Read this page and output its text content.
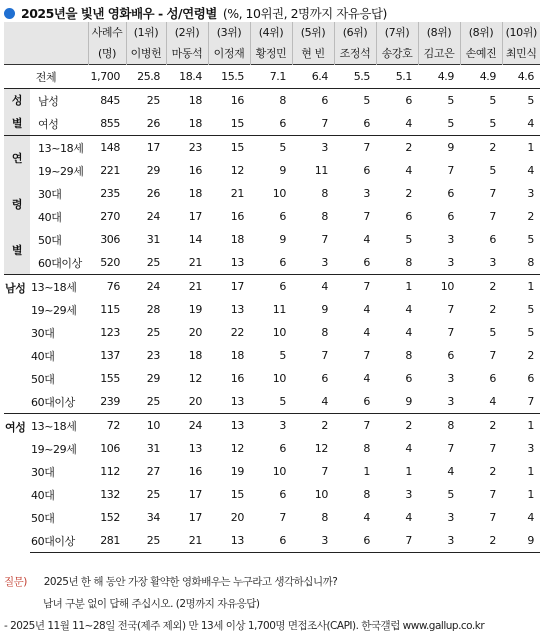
2025년을 빛낸 영화배우 - 성/연령별 (%, 10위권, 2명까지 자유응답)
		사례수	(1위)	(2위)	(3위)	(4위)	(5위)	(6위)	(7위)	(8위)	(8위)	(10위)
		(명)	이병헌	마동석	이정재	황정민	현 빈	조정석	송강호	김고은	손예진	최민식
전체		1,700	25.8	18.4	15.5	7.1	6.4	5.5	5.1	4.9	4.9	4.6
성 별	남성	845	25	18	16	8	6	5	6	5	5	5
	여성	855	26	18	15	6	7	6	4	5	5	4
연 령 별	13~18세	148	17	23	15	5	3	7	2	9	2	1
	19~29세	221	29	16	12	9	11	6	4	7	5	4
	30대	235	26	18	21	10	8	3	2	6	7	3
	40대	270	24	17	16	6	8	7	6	6	7	2
	50대	306	31	14	18	9	7	4	5	3	6	5
	60대이상	520	25	21	13	6	3	6	8	3	3	8
남성	13~18세	76	24	21	17	6	4	7	1	10	2	1
	19~29세	115	28	19	13	11	9	4	4	7	2	5
	30대	123	25	20	22	10	8	4	4	7	5	5
	40대	137	23	18	18	5	7	7	8	6	7	2
	50대	155	29	12	16	10	6	4	6	3	6	6
	60대이상	239	25	20	13	5	4	6	9	3	4	7
여성	13~18세	72	10	24	13	3	2	7	2	8	2	1
	19~29세	106	31	13	12	6	12	8	4	7	7	3
	30대	112	27	16	19	10	7	1	1	4	2	1
	40대	132	25	17	15	6	10	8	3	5	7	1
	50대	152	34	17	20	7	8	4	4	3	7	4
	60대이상	281	25	21	13	6	3	6	7	3	2	9
질문) 2025년 한 해 동안 가장 활약한 영화배우는 누구라고 생각하십니까?
남녀 구분 없이 답해 주십시오. (2명까지 자유응답)
- 2025년 11월 11~28일 전국(제주 제외) 만 13세 이상 1,700명 면접조사(CAPI). 한국갤럽 www.gallup.co.kr
